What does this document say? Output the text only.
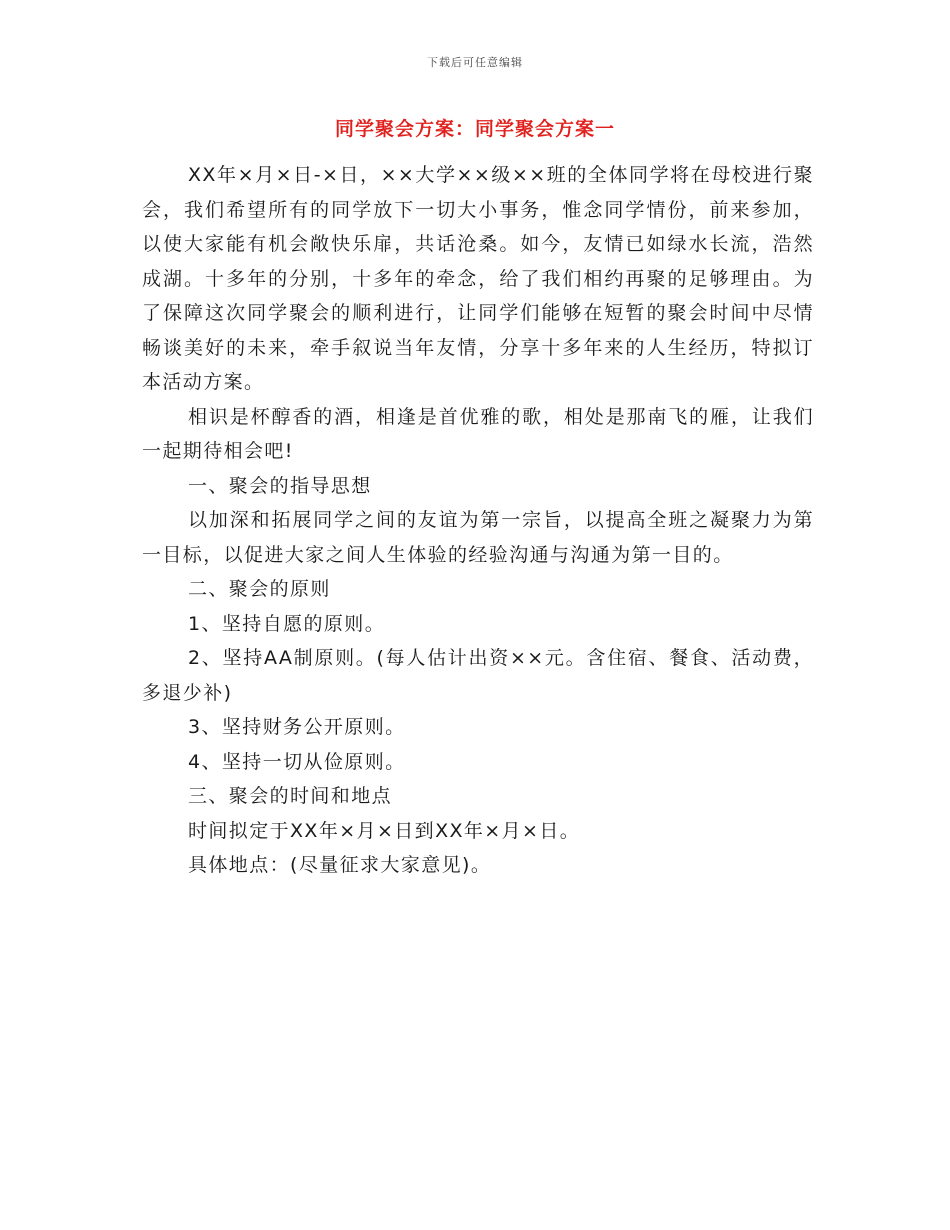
下载后可任意编辑
同学聚会方案：同学聚会方案一

XX年×月×日-×日，××大学××级××班的全体同学将在母校进行聚会，我们希望所有的同学放下一切大小事务，惟念同学情份，前来参加，以使大家能有机会敞快乐扉，共话沧桑。如今，友情已如绿水长流，浩然成湖。十多年的分别，十多年的牵念，给了我们相约再聚的足够理由。为了保障这次同学聚会的顺利进行，让同学们能够在短暂的聚会时间中尽情畅谈美好的未来，牵手叙说当年友情，分享十多年来的人生经历，特拟订本活动方案。

相识是杯醇香的酒，相逢是首优雅的歌，相处是那南飞的雁，让我们一起期待相会吧!

一、聚会的指导思想

以加深和拓展同学之间的友谊为第一宗旨，以提高全班之凝聚力为第一目标，以促进大家之间人生体验的经验沟通与沟通为第一目的。

二、聚会的原则

1、坚持自愿的原则。

2、坚持AA制原则。(每人估计出资××元。含住宿、餐食、活动费，多退少补)

3、坚持财务公开原则。

4、坚持一切从俭原则。

三、聚会的时间和地点

时间拟定于XX年×月×日到XX年×月×日。

具体地点：(尽量征求大家意见)。
